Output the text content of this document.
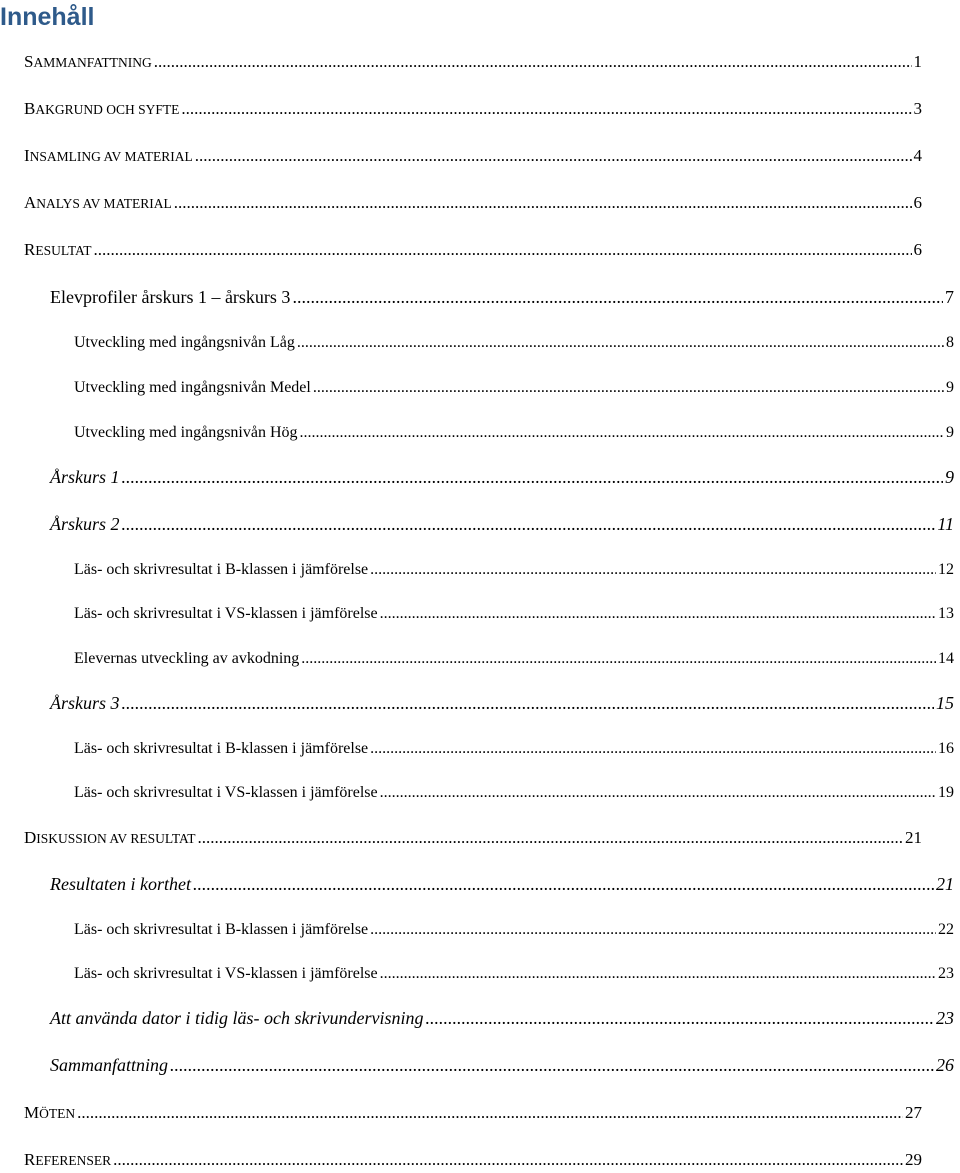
Innehåll
SAMMANFATTNING .....	1
BAKGRUND OCH SYFTE .....	3
INSAMLING AV MATERIAL .....	4
ANALYS AV MATERIAL .....	6
RESULTAT .....	6
Elevprofiler årskurs 1 – årskurs 3 .....	7
Utveckling med ingångsnivån Låg .....	8
Utveckling med ingångsnivån Medel .....	9
Utveckling med ingångsnivån Hög .....	9
Årskurs 1 .....	9
Årskurs 2 .....	11
Läs- och skrivresultat i B-klassen i jämförelse .....	12
Läs- och skrivresultat i VS-klassen i jämförelse .....	13
Elevernas utveckling av avkodning .....	14
Årskurs 3 .....	15
Läs- och skrivresultat i B-klassen i jämförelse .....	16
Läs- och skrivresultat i VS-klassen i jämförelse .....	19
DISKUSSION AV RESULTAT .....	21
Resultaten i korthet .....	21
Läs- och skrivresultat i B-klassen i jämförelse .....	22
Läs- och skrivresultat i VS-klassen i jämförelse .....	23
Att använda dator i tidig läs- och skrivundervisning .....	23
Sammanfattning .....	26
MÖTEN .....	27
REFERENSER .....	29
